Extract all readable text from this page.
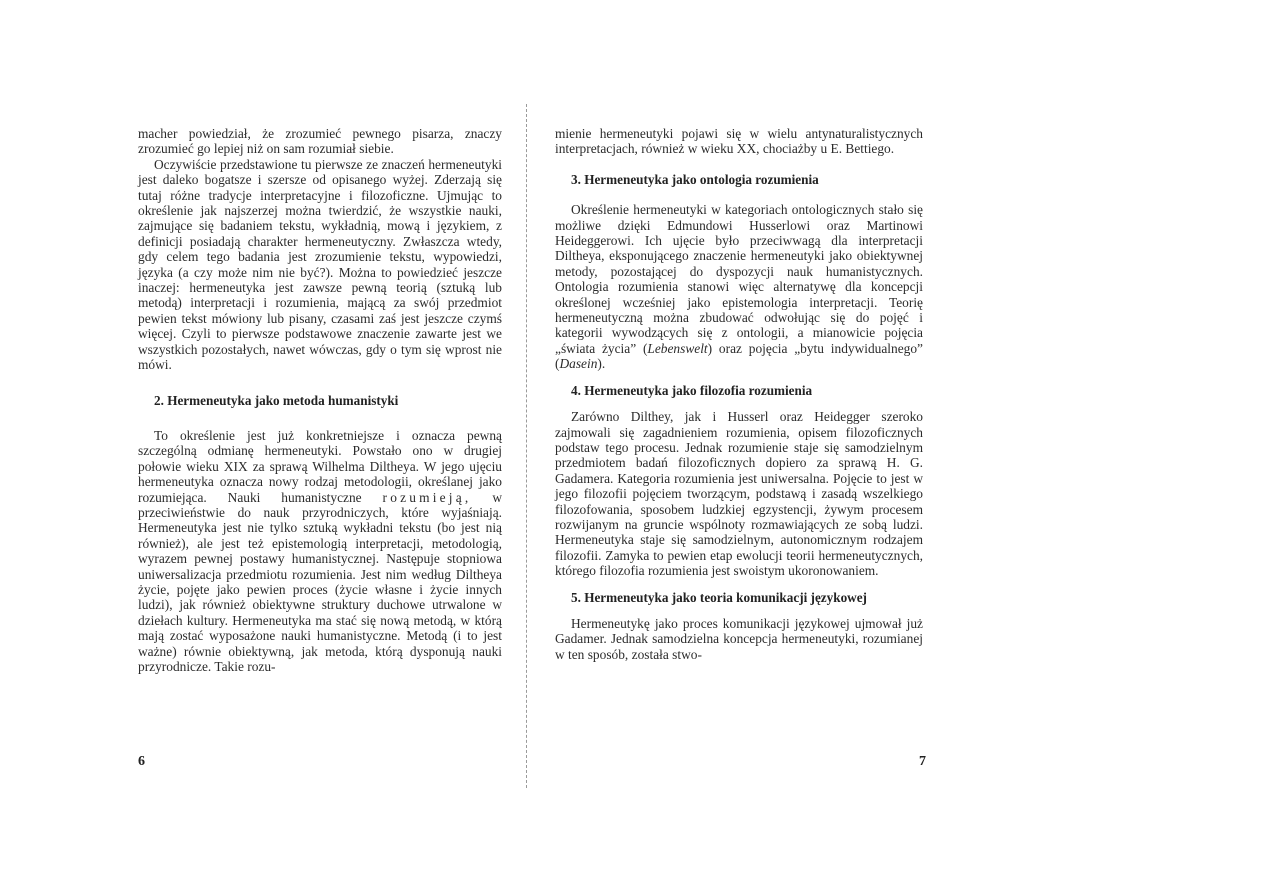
macher powiedział, że zrozumieć pewnego pisarza, znaczy zrozumieć go lepiej niż on sam rozumiał siebie.

Oczywiście przedstawione tu pierwsze ze znaczeń hermeneutyki jest daleko bogatsze i szersze od opisanego wyżej. Zderzają się tutaj różne tradycje interpretacyjne i filozoficzne. Ujmując to określenie jak najszerzej można twierdzić, że wszystkie nauki, zajmujące się badaniem tekstu, wykładnią, mową i językiem, z definicji posiadają charakter hermeneutyczny. Zwłaszcza wtedy, gdy celem tego badania jest zrozumienie tekstu, wypowiedzi, języka (a czy może nim nie być?). Można to powiedzieć jeszcze inaczej: hermeneutyka jest zawsze pewną teorią (sztuką lub metodą) interpretacji i rozumienia, mającą za swój przedmiot pewien tekst mówiony lub pisany, czasami zaś jest jeszcze czymś więcej. Czyli to pierwsze podstawowe znaczenie zawarte jest we wszystkich pozostałych, nawet wówczas, gdy o tym się wprost nie mówi.

2. Hermeneutyka jako metoda humanistyki

To określenie jest już konkretniejsze i oznacza pewną szczególną odmianę hermeneutyki. Powstało ono w drugiej połowie wieku XIX za sprawą Wilhelma Diltheya. W jego ujęciu hermeneutyka oznacza nowy rodzaj metodologii, określanej jako rozumiejąca. Nauki humanistyczne rozumieją, w przeciwieństwie do nauk przyrodniczych, które wyjaśniają. Hermeneutyka jest nie tylko sztuką wykładni tekstu (bo jest nią również), ale jest też epistemologią interpretacji, metodologią, wyrazem pewnej postawy humanistycznej. Następuje stopniowa uniwersalizacja przedmiotu rozumienia. Jest nim według Diltheya życie, pojęte jako pewien proces (życie własne i życie innych ludzi), jak również obiektywne struktury duchowe utrwalone w dziełach kultury. Hermeneutyka ma stać się nową metodą, w którą mają zostać wyposażone nauki humanistyczne. Metodą (i to jest ważne) równie obiektywną, jak metoda, którą dysponują nauki przyrodnicze. Takie rozu-

mienie hermeneutyki pojawi się w wielu antynaturalistycznych interpretacjach, również w wieku XX, chociażby u E. Bettiego.

3. Hermeneutyka jako ontologia rozumienia

Określenie hermeneutyki w kategoriach ontologicznych stało się możliwe dzięki Edmundowi Husserlowi oraz Martinowi Heideggerowi. Ich ujęcie było przeciwwagą dla interpretacji Diltheya, eksponującego znaczenie hermeneutyki jako obiektywnej metody, pozostającej do dyspozycji nauk humanistycznych. Ontologia rozumienia stanowi więc alternatywę dla koncepcji określonej wcześniej jako epistemologia interpretacji. Teorię hermeneutyczną można zbudować odwołując się do pojęć i kategorii wywodzących się z ontologii, a mianowicie pojęcia „świata życia” (Lebenswelt) oraz pojęcia „bytu indywidualnego” (Dasein).

4. Hermeneutyka jako filozofia rozumienia

Zarówno Dilthey, jak i Husserl oraz Heidegger szeroko zajmowali się zagadnieniem rozumienia, opisem filozoficznych podstaw tego procesu. Jednak rozumienie staje się samodzielnym przedmiotem badań filozoficznych dopiero za sprawą H. G. Gadamera. Kategoria rozumienia jest uniwersalna. Pojęcie to jest w jego filozofii pojęciem tworzącym, podstawą i zasadą wszelkiego filozofowania, sposobem ludzkiej egzystencji, żywym procesem rozwijanym na gruncie wspólnoty rozmawiających ze sobą ludzi. Hermeneutyka staje się samodzielnym, autonomicznym rodzajem filozofii. Zamyka to pewien etap ewolucji teorii hermeneutycznych, którego filozofia rozumienia jest swoistym ukoronowaniem.

5. Hermeneutyka jako teoria komunikacji językowej

Hermeneutykę jako proces komunikacji językowej ujmował już Gadamer. Jednak samodzielna koncepcja hermeneutyki, rozumianej w ten sposób, została stwo-

6	7
